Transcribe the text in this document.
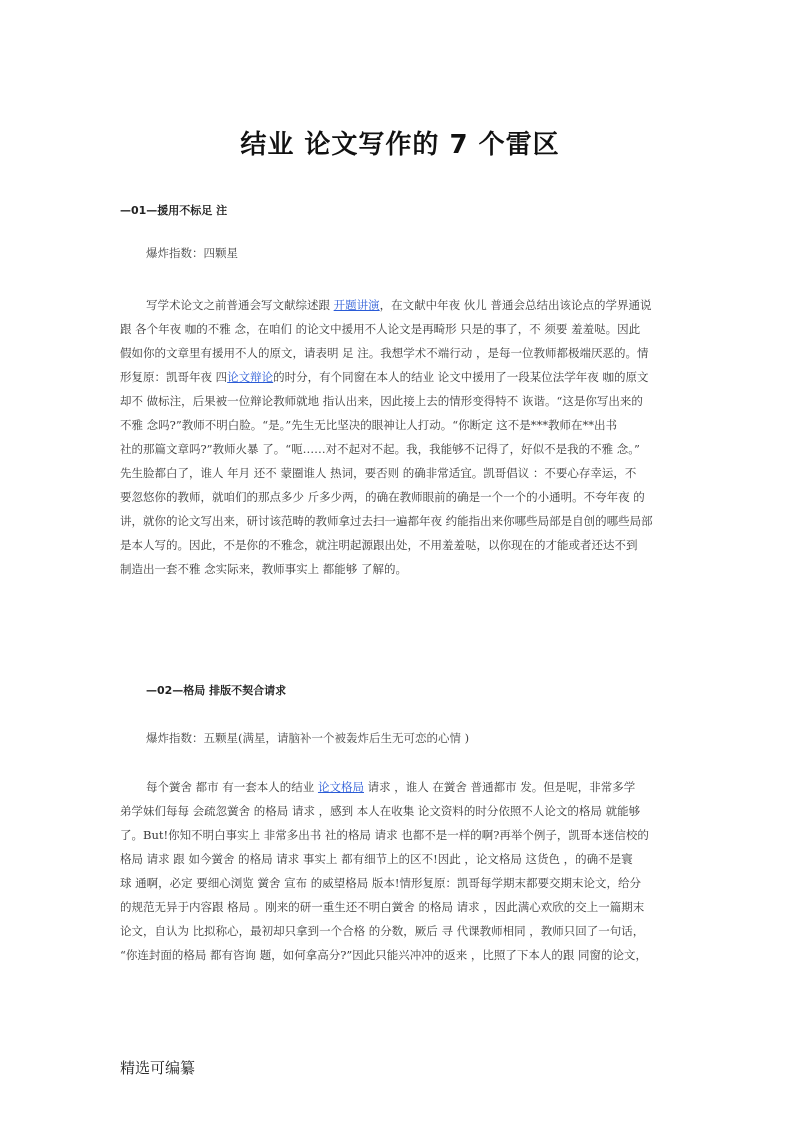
结业 论文写作的 7 个雷区
—01—援用不标足 注
爆炸指数：四颗星
写学术论文之前普通会写文献综述跟 开题讲演，在文献中年夜 伙儿 普通会总结出该论点的学界通说
跟 各个年夜 咖的不雅 念，在咱们 的论文中援用不人论文是再畸形 只是的事了，不 须要 羞羞哒。因此
假如你的文章里有援用不人的原文，请表明 足 注。我想学术不端行动 ，是每一位教师都极端厌恶的。情
形复原：凯哥年夜 四论文辩论的时分，有个同窗在本人的结业 论文中援用了一段某位法学年夜 咖的原文
却不 做标注，后果被一位辩论教师就地 指认出来，因此接上去的情形变得特不 诙谐。“这是你写出来的
不雅 念吗?”教师不明白脸。“是。”先生无比坚决的眼神让人打动。“你断定 这不是***教师在**出书
社的那篇文章吗?”教师火暴 了。“呃……对不起对不起。我，我能够不记得了，好似不是我的不雅 念。”
先生脸都白了，谁人 年月 还不 蒙圈谁人 热词，要否则 的确非常适宜。凯哥倡议 ：不要心存幸运，不
要忽悠你的教师，就咱们的那点多少 斤多少两，的确在教师眼前的确是一个一个的小通明。不夸年夜 的
讲，就你的论文写出来，研讨该范畴的教师拿过去扫一遍都年夜 约能指出来你哪些局部是自创的哪些局部
是本人写的。因此，不是你的不雅念，就注明起源跟出处，不用羞羞哒，以你现在的才能或者还达不到
制造出一套不雅 念实际来，教师事实上 都能够 了解的。
—02—格局 排版不契合请求
爆炸指数：五颗星(满星，请脑补一个被轰炸后生无可恋的心情 )
每个黉舍 都市 有一套本人的结业 论文格局 请求 ，谁人 在黉舍 普通都市 发。但是呢，非常多学
弟学妹们每每 会疏忽黉舍 的格局 请求 ，感到 本人在收集 论文资料的时分依照不人论文的格局 就能够
了。But!你知不明白事实上 非常多出书 社的格局 请求 也都不是一样的啊?再举个例子，凯哥本迷信校的
格局 请求 跟 如今黉舍 的格局 请求 事实上 都有细节上的区不!因此 ，论文格局 这货色 ，的确不是寰
球 通啊，必定 要细心浏览 黉舍 宣布 的威望格局 版本!情形复原：凯哥每学期末都要交期末论文，给分
的规范无异于内容跟 格局 。刚来的研一重生还不明白黉舍 的格局 请求 ，因此满心欢欣的交上一篇期末
论文，自认为 比拟称心，最初却只拿到一个合格 的分数，厥后 寻 代课教师相同 ，教师只回了一句话，
“你连封面的格局 都有咨询 题，如何拿高分?”因此只能兴冲冲的返来 ，比照了下本人的跟 同窗的论文，
精选可编纂
